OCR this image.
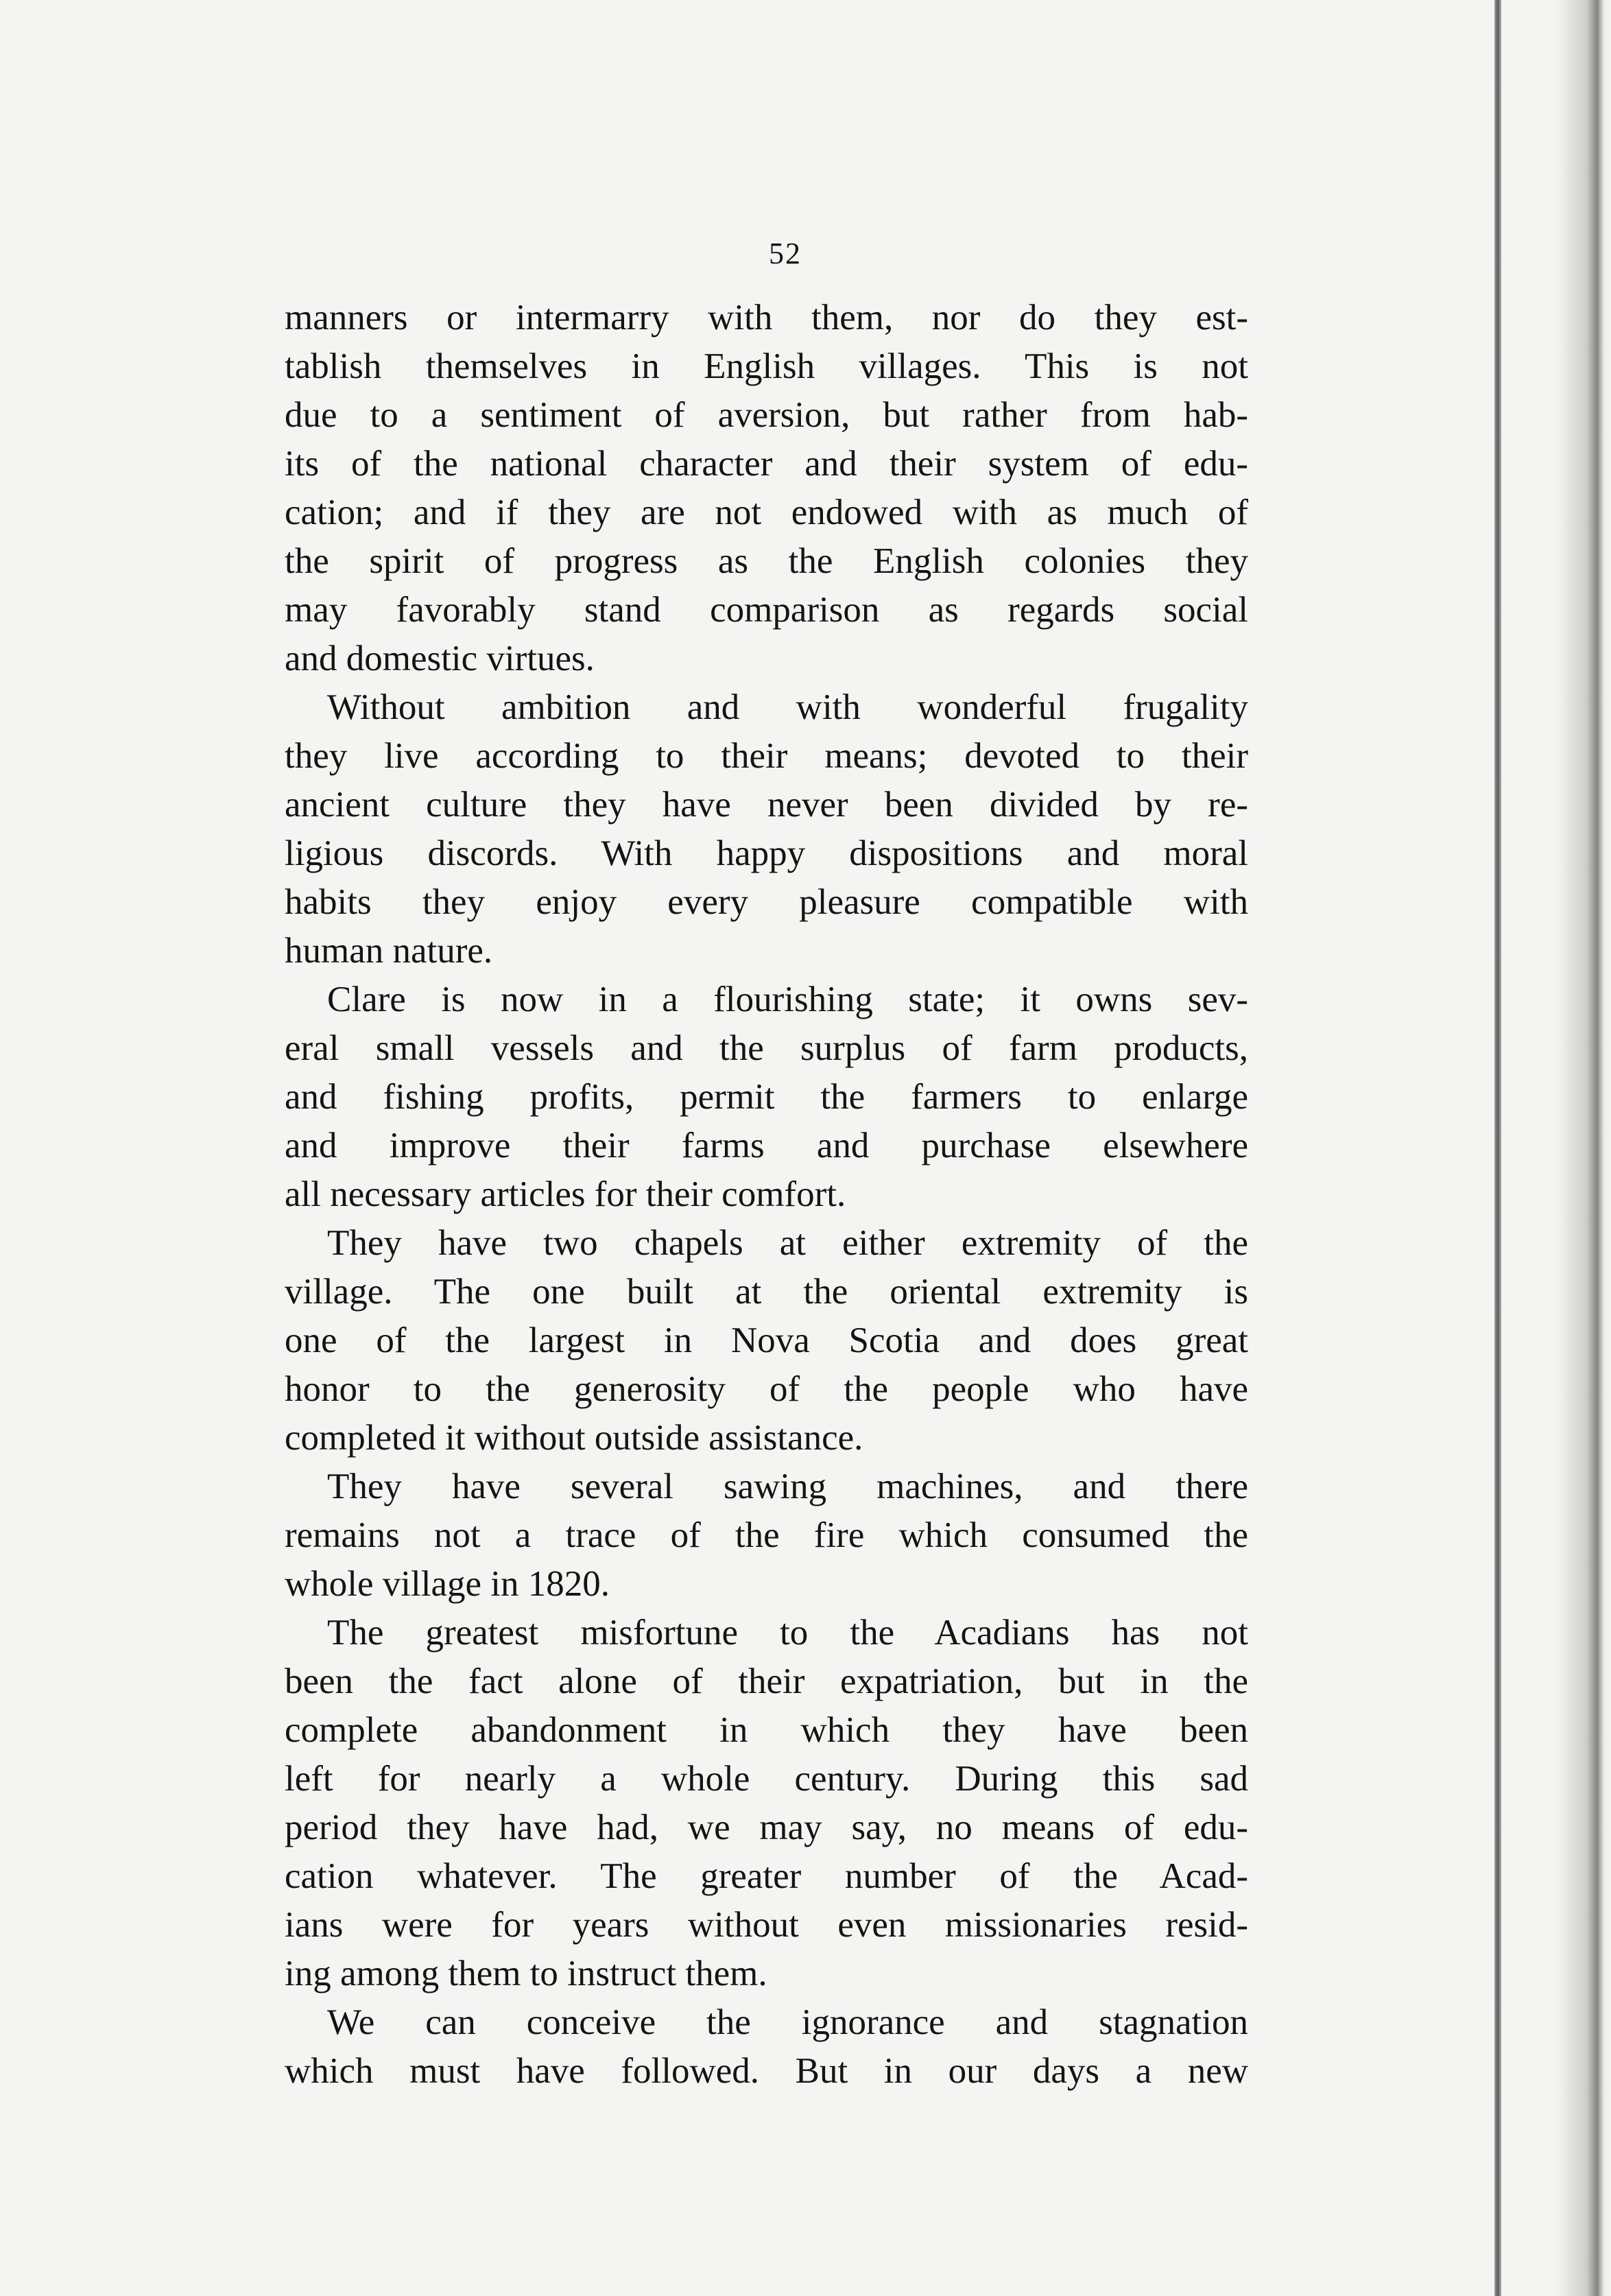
52
manners or intermarry with them, nor do they est-
tablish themselves in English villages. This is not
due to a sentiment of aversion, but rather from hab-
its of the national character and their system of edu-
cation; and if they are not endowed with as much of
the spirit of progress as the English colonies they
may favorably stand comparison as regards social
and domestic virtues.
Without ambition and with wonderful frugality
they live according to their means; devoted to their
ancient culture they have never been divided by re-
ligious discords. With happy dispositions and moral
habits they enjoy every pleasure compatible with
human nature.
Clare is now in a flourishing state; it owns sev-
eral small vessels and the surplus of farm products,
and fishing profits, permit the farmers to enlarge
and improve their farms and purchase elsewhere
all necessary articles for their comfort.
They have two chapels at either extremity of the
village. The one built at the oriental extremity is
one of the largest in Nova Scotia and does great
honor to the generosity of the people who have
completed it without outside assistance.
They have several sawing machines, and there
remains not a trace of the fire which consumed the
whole village in 1820.
The greatest misfortune to the Acadians has not
been the fact alone of their expatriation, but in the
complete abandonment in which they have been
left for nearly a whole century. During this sad
period they have had, we may say, no means of edu-
cation whatever. The greater number of the Acad-
ians were for years without even missionaries resid-
ing among them to instruct them.
We can conceive the ignorance and stagnation
which must have followed. But in our days a new
